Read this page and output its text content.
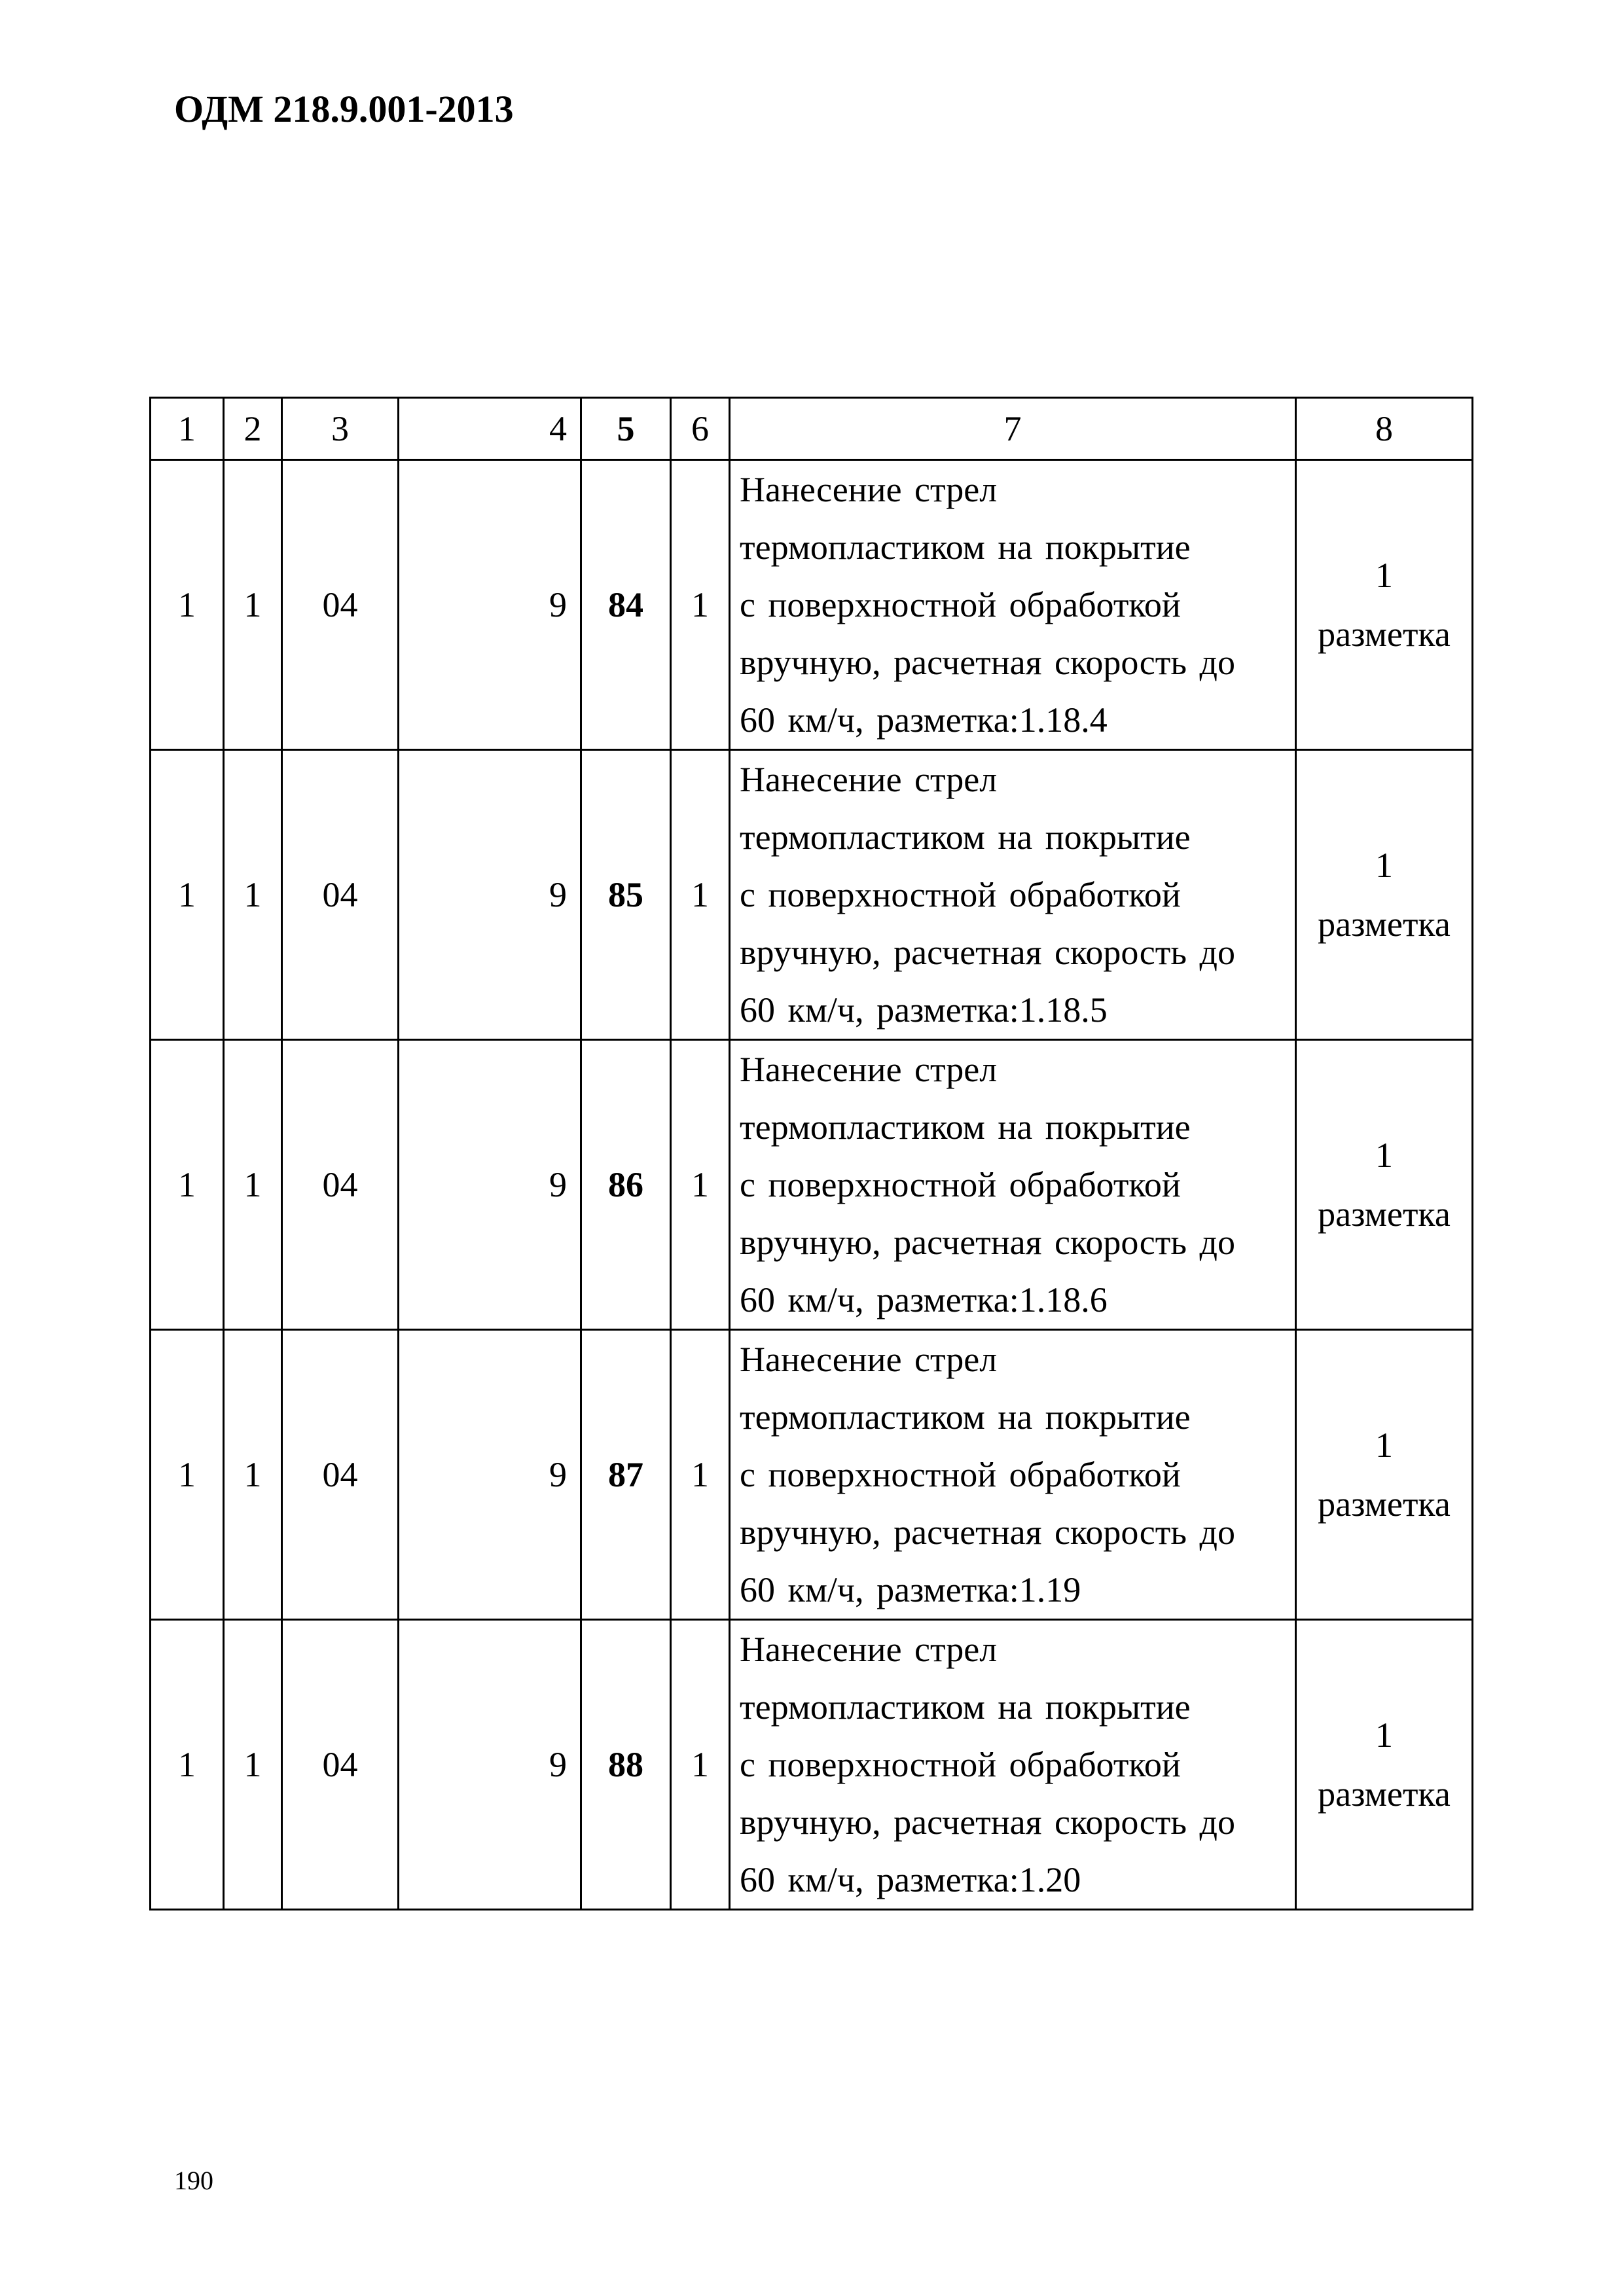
ОДМ 218.9.001-2013
1	2	3	4	5	6	7	8
1	1	04	9	84	1	Нанесение стрел
термопластиком на покрытие
с поверхностной обработкой
вручную, расчетная скорость до
60 км/ч, разметка:1.18.4	1
разметка

1	1	04	9	85	1	Нанесение стрел
термопластиком на покрытие
с поверхностной обработкой
вручную, расчетная скорость до
60 км/ч, разметка:1.18.5	1
разметка

1	1	04	9	86	1	Нанесение стрел
термопластиком на покрытие
с поверхностной обработкой
вручную, расчетная скорость до
60 км/ч, разметка:1.18.6	1
разметка

1	1	04	9	87	1	Нанесение стрел
термопластиком на покрытие
с поверхностной обработкой
вручную, расчетная скорость до
60 км/ч, разметка:1.19	1
разметка

1	1	04	9	88	1	Нанесение стрел
термопластиком на покрытие
с поверхностной обработкой
вручную, расчетная скорость до
60 км/ч, разметка:1.20	1
разметка
190
